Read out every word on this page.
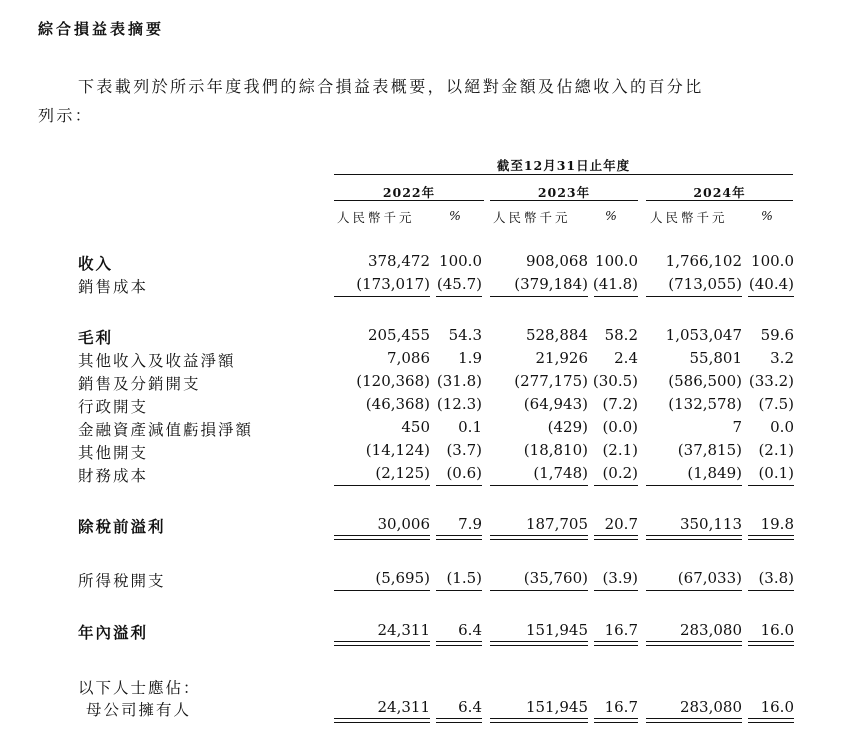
綜合損益表摘要
下表載列於所示年度我們的綜合損益表概要，以絕對金額及佔總收入的百分比
列示：
截至12月31日止年度
2022年	2023年	2024年
人民幣千元	%	人民幣千元	%	人民幣千元	%
收入	378,472 100.0	908,068 100.0	1,766,102 100.0
銷售成本	(173,017) (45.7)	(379,184) (41.8)	(713,055) (40.4)
毛利	205,455	54.3	528,884	58.2	1,053,047	59.6
其他收入及收益淨額	7,086	1.9	21,926	2.4	55,801	3.2
銷售及分銷開支	(120,368) (31.8)	(277,175) (30.5)	(586,500) (33.2)
行政開支	(46,368) (12.3)	(64,943) (7.2)	(132,578)	(7.5)
金融資產減值虧損淨額	450	0.1	(429) (0.0)	7	0.0
其他開支	(14,124)	(3.7)	(18,810) (2.1)	(37,815)	(2.1)
財務成本	(2,125)	(0.6)	(1,748) (0.2)	(1,849)	(0.1)
除稅前溢利	30,006	7.9	187,705	20.7	350,113	19.8
所得稅開支	(5,695)	(1.5)	(35,760) (3.9)	(67,033)	(3.8)
年內溢利	24,311	6.4	151,945	16.7	283,080	16.0
以下人士應佔：
母公司擁有人	24,311	6.4	151,945	16.7	283,080	16.0
